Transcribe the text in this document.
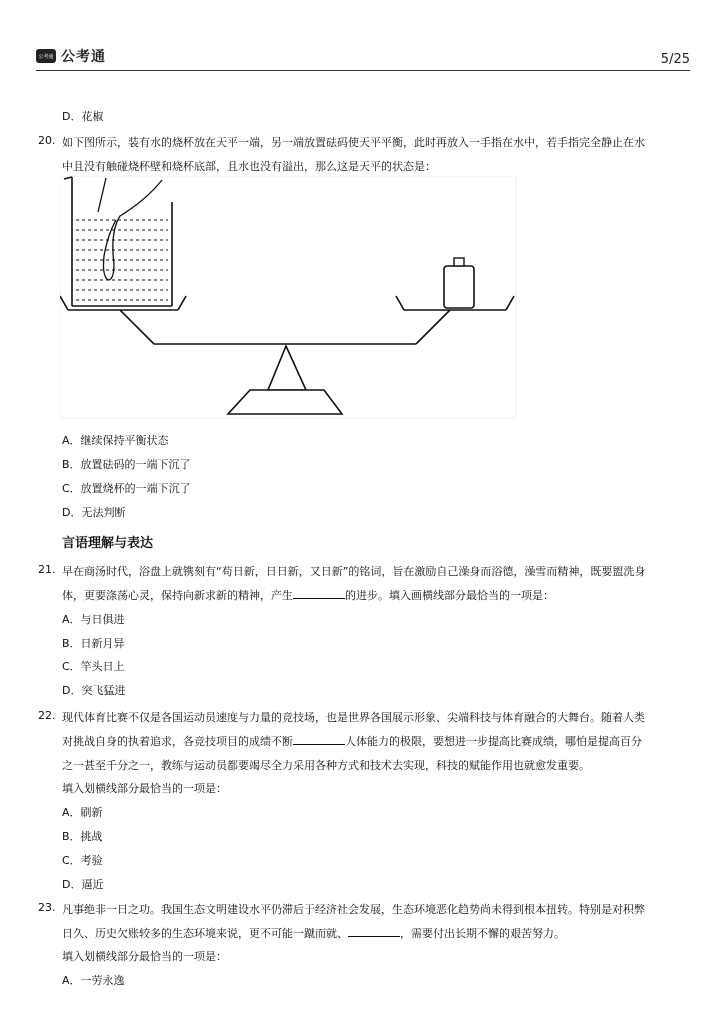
公考通 公考通	5/25
D．花椒
20. 如下图所示，装有水的烧杯放在天平一端，另一端放置砝码使天平平衡，此时再放入一手指在水中，若手指完全静止在水
中且没有触碰烧杯壁和烧杯底部，且水也没有溢出，那么这是天平的状态是：
A．继续保持平衡状态
B．放置砝码的一端下沉了
C．放置烧杯的一端下沉了
D．无法判断
言语理解与表达
21. 早在商汤时代，浴盘上就镌刻有“苟日新，日日新，又日新”的铭词，旨在激励自己澡身而浴德，澡雪而精神，既要盥洗身
体，更要涤荡心灵，保持向新求新的精神，产生	的进步。填入画横线部分最恰当的一项是：
A．与日俱进
B．日新月异
C．竿头日上
D．突飞猛进
22. 现代体育比赛不仅是各国运动员速度与力量的竞技场，也是世界各国展示形象、尖端科技与体育融合的大舞台。随着人类
对挑战自身的执着追求，各竞技项目的成绩不断	人体能力的极限，要想进一步提高比赛成绩，哪怕是提高百分
之一甚至千分之一，教练与运动员都要竭尽全力采用各种方式和技术去实现，科技的赋能作用也就愈发重要。
填入划横线部分最恰当的一项是：
A．刷新
B．挑战
C．考验
D．逼近
23. 凡事绝非一日之功。我国生态文明建设水平仍滞后于经济社会发展，生态环境恶化趋势尚未得到根本扭转。特别是对积弊
日久、历史欠账较多的生态环境来说，更不可能一蹴而就、	，需要付出长期不懈的艰苦努力。
填入划横线部分最恰当的一项是：
A．一劳永逸
